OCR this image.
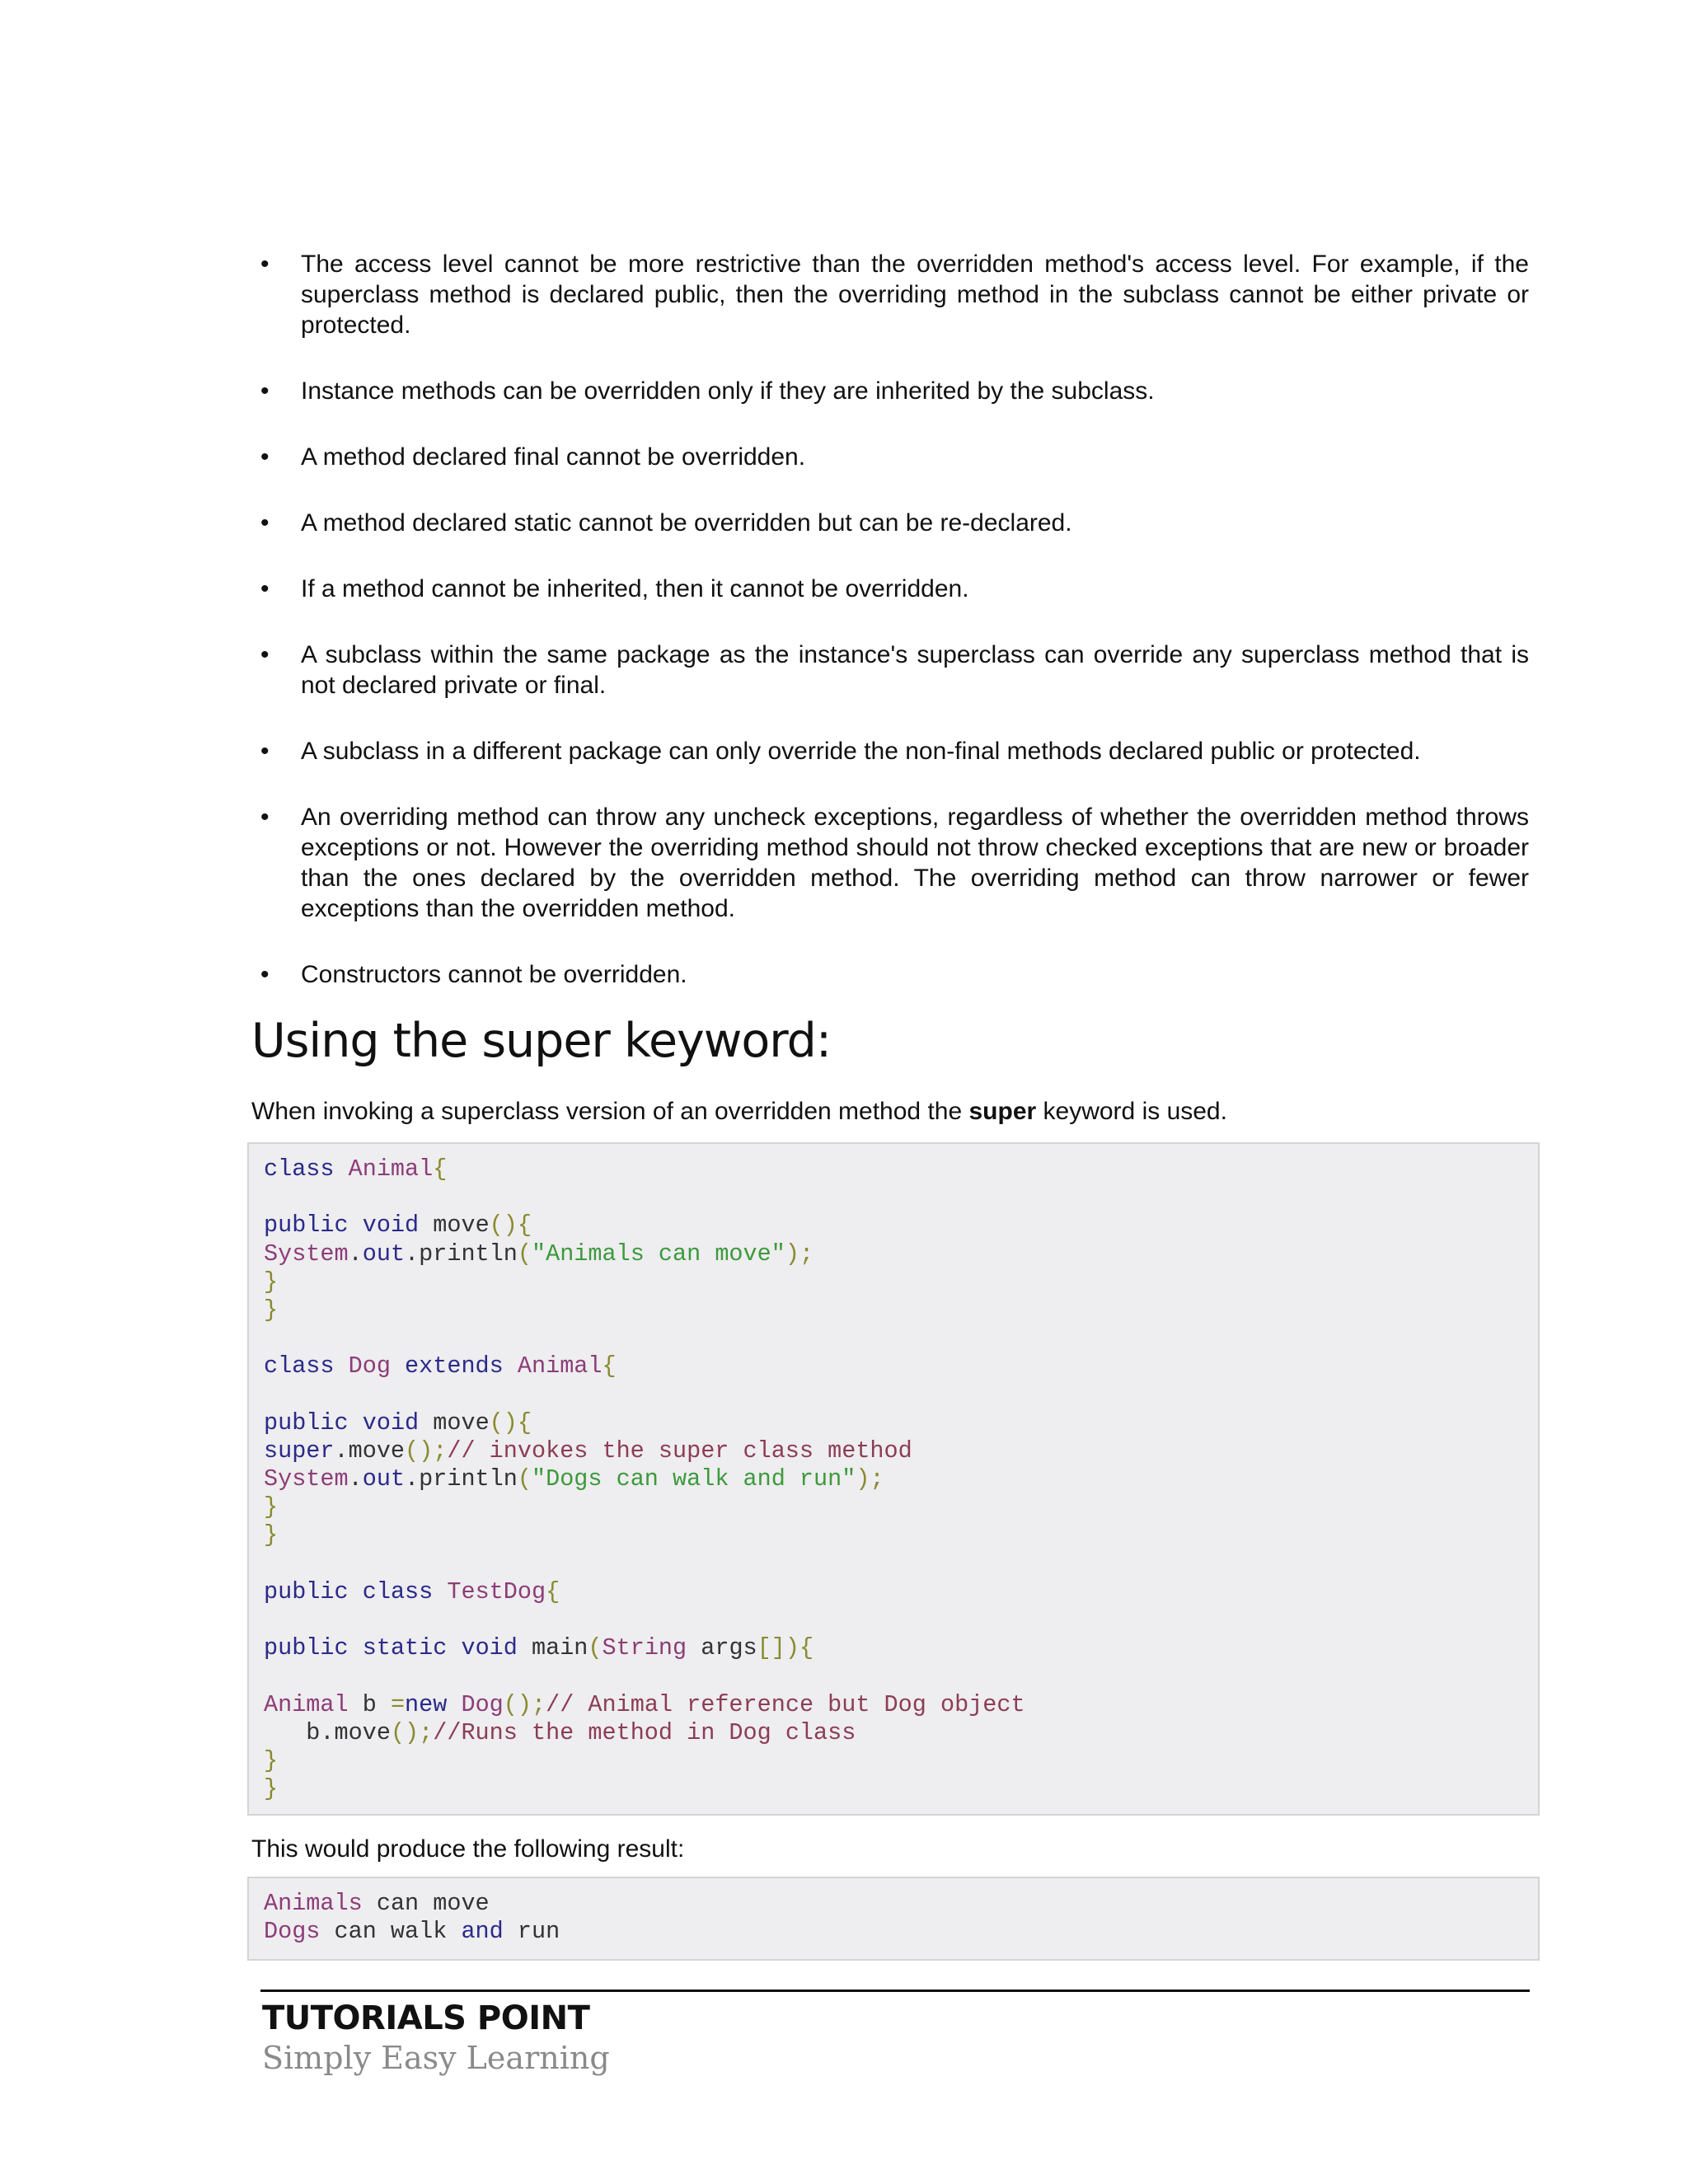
• The access level cannot be more restrictive than the overridden method's access level. For example, if the superclass method is declared public, then the overriding method in the subclass cannot be either private or protected.
• Instance methods can be overridden only if they are inherited by the subclass.
• A method declared final cannot be overridden.
• A method declared static cannot be overridden but can be re-declared.
• If a method cannot be inherited, then it cannot be overridden.
• A subclass within the same package as the instance's superclass can override any superclass method that is not declared private or final.
• A subclass in a different package can only override the non-final methods declared public or protected.
• An overriding method can throw any uncheck exceptions, regardless of whether the overridden method throws exceptions or not. However the overriding method should not throw checked exceptions that are new or broader than the ones declared by the overridden method. The overriding method can throw narrower or fewer exceptions than the overridden method.
• Constructors cannot be overridden.
Using the super keyword:
When invoking a superclass version of an overridden method the super keyword is used.
class Animal{

public void move(){
System.out.println("Animals can move");
}
}

class Dog extends Animal{

public void move(){
super.move();// invokes the super class method
System.out.println("Dogs can walk and run");
}
}

public class TestDog{

public static void main(String args[]){

Animal b =new Dog();// Animal reference but Dog object
b.move();//Runs the method in Dog class
}
}
This would produce the following result:
Animals can move
Dogs can walk and run
TUTORIALS POINT
Simply Easy Learning
